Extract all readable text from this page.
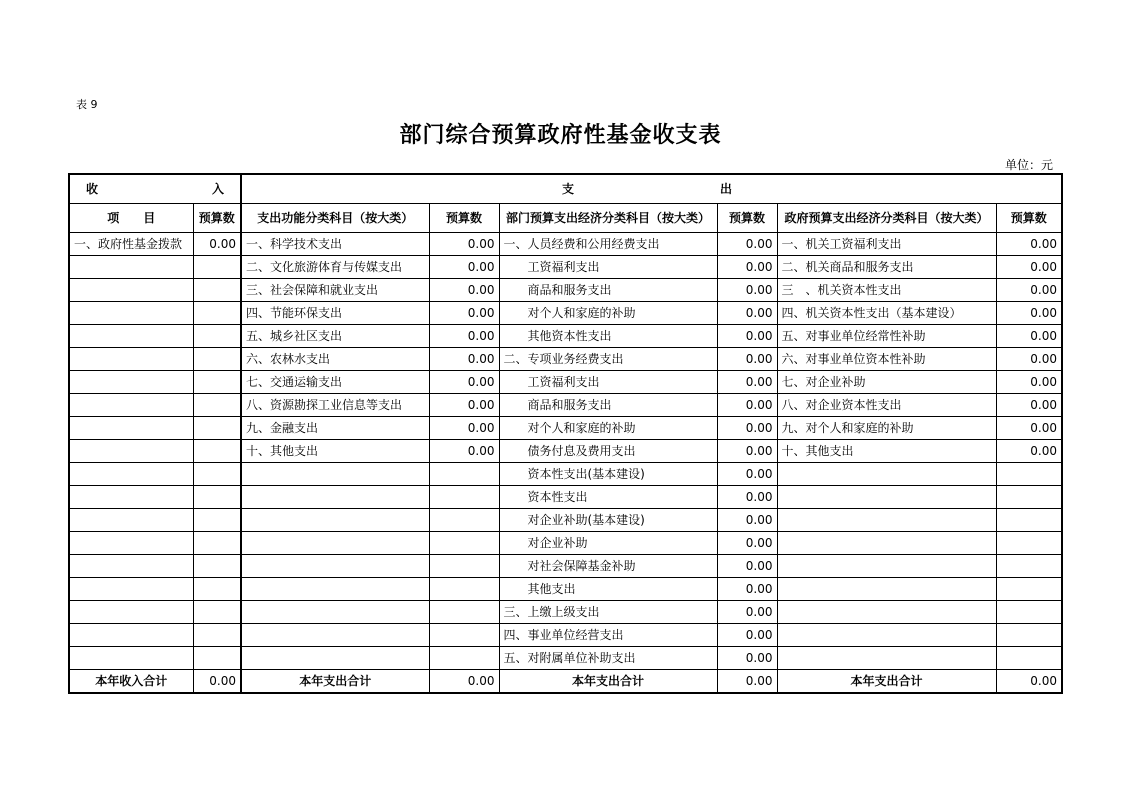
表 9
部门综合预算政府性基金收支表
单位：元
收 入		支 出					

项　　目	预算数	支出功能分类科目（按大类）	预算数	部门预算支出经济分类科目（按大类）	预算数	政府预算支出经济分类科目（按大类）	预算数
一、政府性基金拨款	0.00	一、科学技术支出	0.00	一、人员经费和公用经费支出	0.00	一、机关工资福利支出	0.00
		二、文化旅游体育与传媒支出	0.00	工资福利支出	0.00	二、机关商品和服务支出	0.00
		三、社会保障和就业支出	0.00	商品和服务支出	0.00	三　、机关资本性支出	0.00
		四、节能环保支出	0.00	对个人和家庭的补助	0.00	四、机关资本性支出（基本建设）	0.00
		五、城乡社区支出	0.00	其他资本性支出	0.00	五、对事业单位经常性补助	0.00
		六、农林水支出	0.00	二、专项业务经费支出	0.00	六、对事业单位资本性补助	0.00
		七、交通运输支出	0.00	工资福利支出	0.00	七、对企业补助	0.00
		八、资源勘探工业信息等支出	0.00	商品和服务支出	0.00	八、对企业资本性支出	0.00
		九、金融支出	0.00	对个人和家庭的补助	0.00	九、对个人和家庭的补助	0.00
		十、其他支出	0.00	债务付息及费用支出	0.00	十、其他支出	0.00
				资本性支出(基本建设)	0.00		
				资本性支出	0.00		
				对企业补助(基本建设)	0.00		
				对企业补助	0.00		
				对社会保障基金补助	0.00		
				其他支出	0.00		
				三、上缴上级支出	0.00		
				四、事业单位经营支出	0.00		
				五、对附属单位补助支出	0.00		
本年收入合计	0.00	本年支出合计	0.00	本年支出合计	0.00	本年支出合计	0.00
